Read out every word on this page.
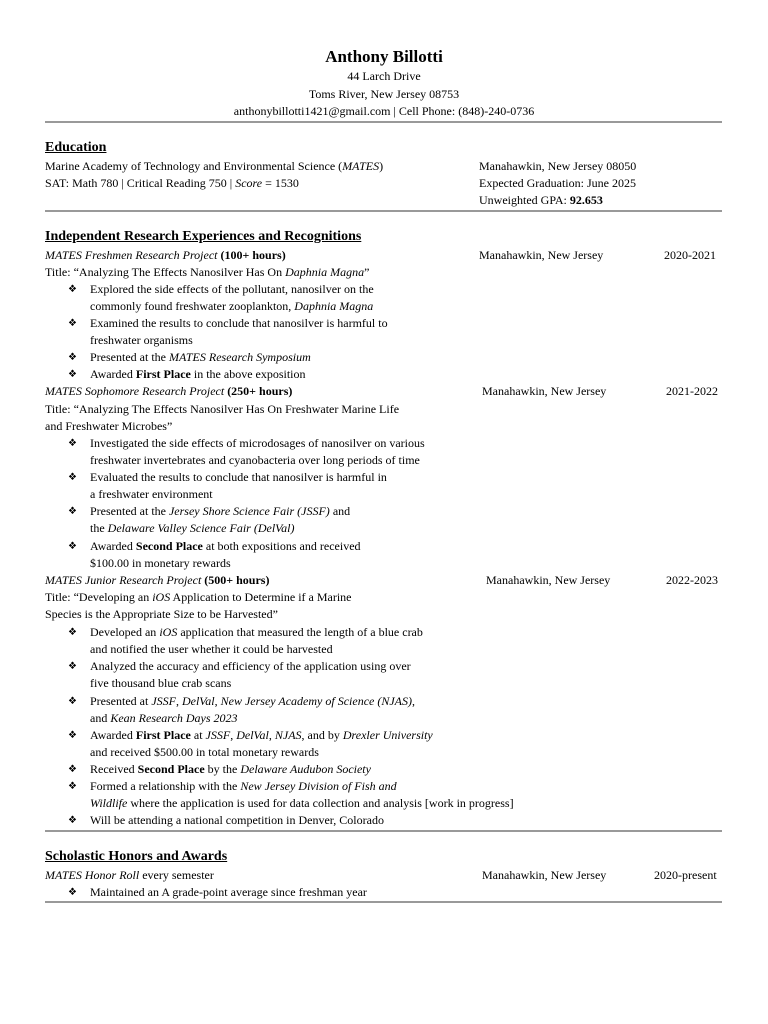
Anthony Billotti
44 Larch Drive
Toms River, New Jersey 08753
anthonybillotti1421@gmail.com | Cell Phone: (848)-240-0736
Education
Marine Academy of Technology and Environmental Science (MATES)
SAT: Math 780 | Critical Reading 750 | Score = 1530
Manahawkin, New Jersey 08050
Expected Graduation: June 2025
Unweighted GPA: 92.653
Independent Research Experiences and Recognitions
MATES Freshmen Research Project (100+ hours)	Manahawkin, New Jersey	2020-2021
Title: “Analyzing The Effects Nanosilver Has On Daphnia Magna”
❖	Explored the side effects of the pollutant, nanosilver on the
commonly found freshwater zooplankton, Daphnia Magna
❖	Examined the results to conclude that nanosilver is harmful to
freshwater organisms
❖	Presented at the MATES Research Symposium
❖	Awarded First Place in the above exposition
MATES Sophomore Research Project (250+ hours)	Manahawkin, New Jersey	2021-2022
Title: “Analyzing The Effects Nanosilver Has On Freshwater Marine Life
and Freshwater Microbes”
❖	Investigated the side effects of microdosages of nanosilver on various
freshwater invertebrates and cyanobacteria over long periods of time
❖	Evaluated the results to conclude that nanosilver is harmful in
a freshwater environment
❖	Presented at the Jersey Shore Science Fair (JSSF) and
the Delaware Valley Science Fair (DelVal)
❖	Awarded Second Place at both expositions and received
$100.00 in monetary rewards
MATES Junior Research Project (500+ hours)	Manahawkin, New Jersey	2022-2023
Title: “Developing an iOS Application to Determine if a Marine
Species is the Appropriate Size to be Harvested”
❖	Developed an iOS application that measured the length of a blue crab
and notified the user whether it could be harvested
❖	Analyzed the accuracy and efficiency of the application using over
five thousand blue crab scans
❖	Presented at JSSF, DelVal, New Jersey Academy of Science (NJAS),
and Kean Research Days 2023
❖	Awarded First Place at JSSF, DelVal, NJAS, and by Drexler University
and received $500.00 in total monetary rewards
❖	Received Second Place by the Delaware Audubon Society
❖	Formed a relationship with the New Jersey Division of Fish and
Wildlife where the application is used for data collection and analysis [work in progress]
❖	Will be attending a national competition in Denver, Colorado
Scholastic Honors and Awards
MATES Honor Roll every semester	Manahawkin, New Jersey	2020-present
❖	Maintained an A grade-point average since freshman year
